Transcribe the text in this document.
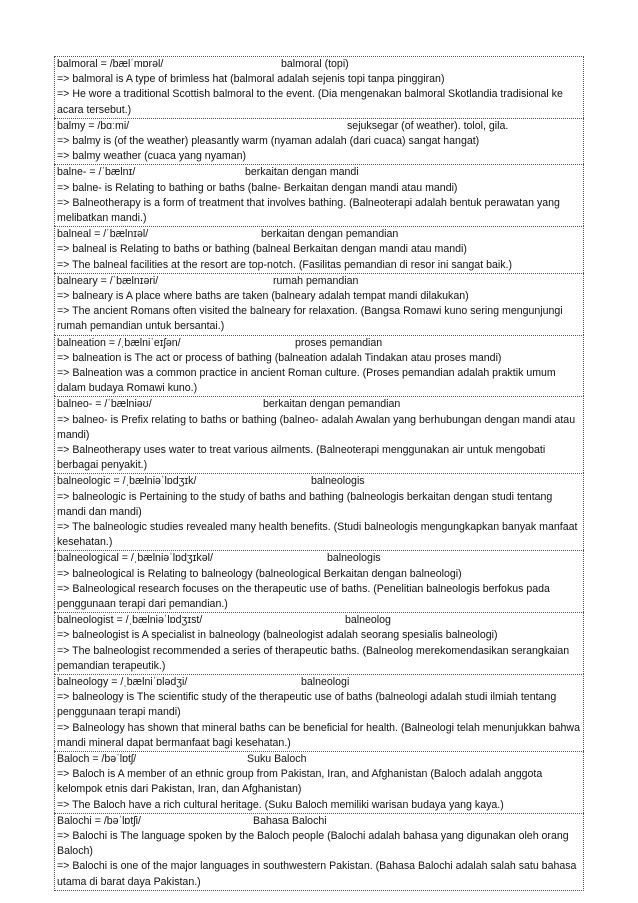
balmoral = /bælˈmɒrəl/	balmoral (topi)
=> balmoral is A type of brimless hat (balmoral adalah sejenis topi tanpa pinggiran)
=> He wore a traditional Scottish balmoral to the event. (Dia mengenakan balmoral Skotlandia tradisional ke acara tersebut.)
balmy = /bɑːmi/	sejuksegar (of weather). tolol, gila.
=> balmy is (of the weather) pleasantly warm (nyaman adalah (dari cuaca) sangat hangat)
=> balmy weather (cuaca yang nyaman)
balne- = /ˈbælnɪ/	berkaitan dengan mandi
=> balne- is Relating to bathing or baths (balne- Berkaitan dengan mandi atau mandi)
=> Balneotherapy is a form of treatment that involves bathing. (Balneoterapi adalah bentuk perawatan yang melibatkan mandi.)
balneal = /ˈbælnɪəl/	berkaitan dengan pemandian
=> balneal is Relating to baths or bathing (balneal Berkaitan dengan mandi atau mandi)
=> The balneal facilities at the resort are top-notch. (Fasilitas pemandian di resor ini sangat baik.)
balneary = /ˈbælnɪəri/	rumah pemandian
=> balneary is A place where baths are taken (balneary adalah tempat mandi dilakukan)
=> The ancient Romans often visited the balneary for relaxation. (Bangsa Romawi kuno sering mengunjungi rumah pemandian untuk bersantai.)
balneation = /ˌbælniˈeɪʃən/	proses pemandian
=> balneation is The act or process of bathing (balneation adalah Tindakan atau proses mandi)
=> Balneation was a common practice in ancient Roman culture. (Proses pemandian adalah praktik umum dalam budaya Romawi kuno.)
balneo- = /ˈbælniəʊ/	berkaitan dengan pemandian
=> balneo- is Prefix relating to baths or bathing (balneo- adalah Awalan yang berhubungan dengan mandi atau mandi)
=> Balneotherapy uses water to treat various ailments. (Balneoterapi menggunakan air untuk mengobati berbagai penyakit.)
balneologic = /ˌbælniəˈlɒdʒɪk/	balneologis
=> balneologic is Pertaining to the study of baths and bathing (balneologis berkaitan dengan studi tentang mandi dan mandi)
=> The balneologic studies revealed many health benefits. (Studi balneologis mengungkapkan banyak manfaat kesehatan.)
balneological = /ˌbælniəˈlɒdʒɪkəl/	balneologis
=> balneological is Relating to balneology (balneological Berkaitan dengan balneologi)
=> Balneological research focuses on the therapeutic use of baths. (Penelitian balneologis berfokus pada penggunaan terapi dari pemandian.)
balneologist = /ˌbælniəˈlɒdʒɪst/	balneolog
=> balneologist is A specialist in balneology (balneologist adalah seorang spesialis balneologi)
=> The balneologist recommended a series of therapeutic baths. (Balneolog merekomendasikan serangkaian pemandian terapeutik.)
balneology = /ˌbælniˈɒlədʒi/	balneologi
=> balneology is The scientific study of the therapeutic use of baths (balneologi adalah studi ilmiah tentang penggunaan terapi mandi)
=> Balneology has shown that mineral baths can be beneficial for health. (Balneologi telah menunjukkan bahwa mandi mineral dapat bermanfaat bagi kesehatan.)
Baloch = /bəˈlɒtʃ/	Suku Baloch
=> Baloch is A member of an ethnic group from Pakistan, Iran, and Afghanistan (Baloch adalah anggota kelompok etnis dari Pakistan, Iran, dan Afghanistan)
=> The Baloch have a rich cultural heritage. (Suku Baloch memiliki warisan budaya yang kaya.)
Balochi = /bəˈlɒtʃi/	Bahasa Balochi
=> Balochi is The language spoken by the Baloch people (Balochi adalah bahasa yang digunakan oleh orang Baloch)
=> Balochi is one of the major languages in southwestern Pakistan. (Bahasa Balochi adalah salah satu bahasa utama di barat daya Pakistan.)
